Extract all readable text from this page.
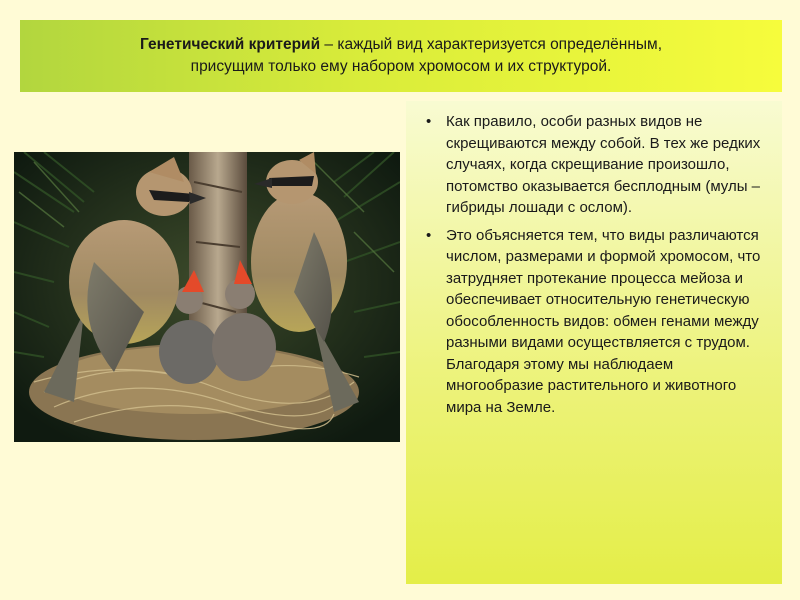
Генетический критерий – каждый вид характеризуется определённым,
присущим только ему набором хромосом и их структурой.
• Как правило, особи разных видов не скрещиваются между собой. В тех же редких случаях, когда скрещивание произошло, потомство оказывается бесплодным (мулы – гибриды лошади с ослом).
• Это объясняется тем, что виды различаются числом, размерами и формой хромосом, что затрудняет протекание процесса мейоза и обеспечивает относительную генетическую обособленность видов: обмен генами между разными видами осуществляется с трудом. Благодаря этому мы наблюдаем многообразие растительного и животного мира на Земле.
